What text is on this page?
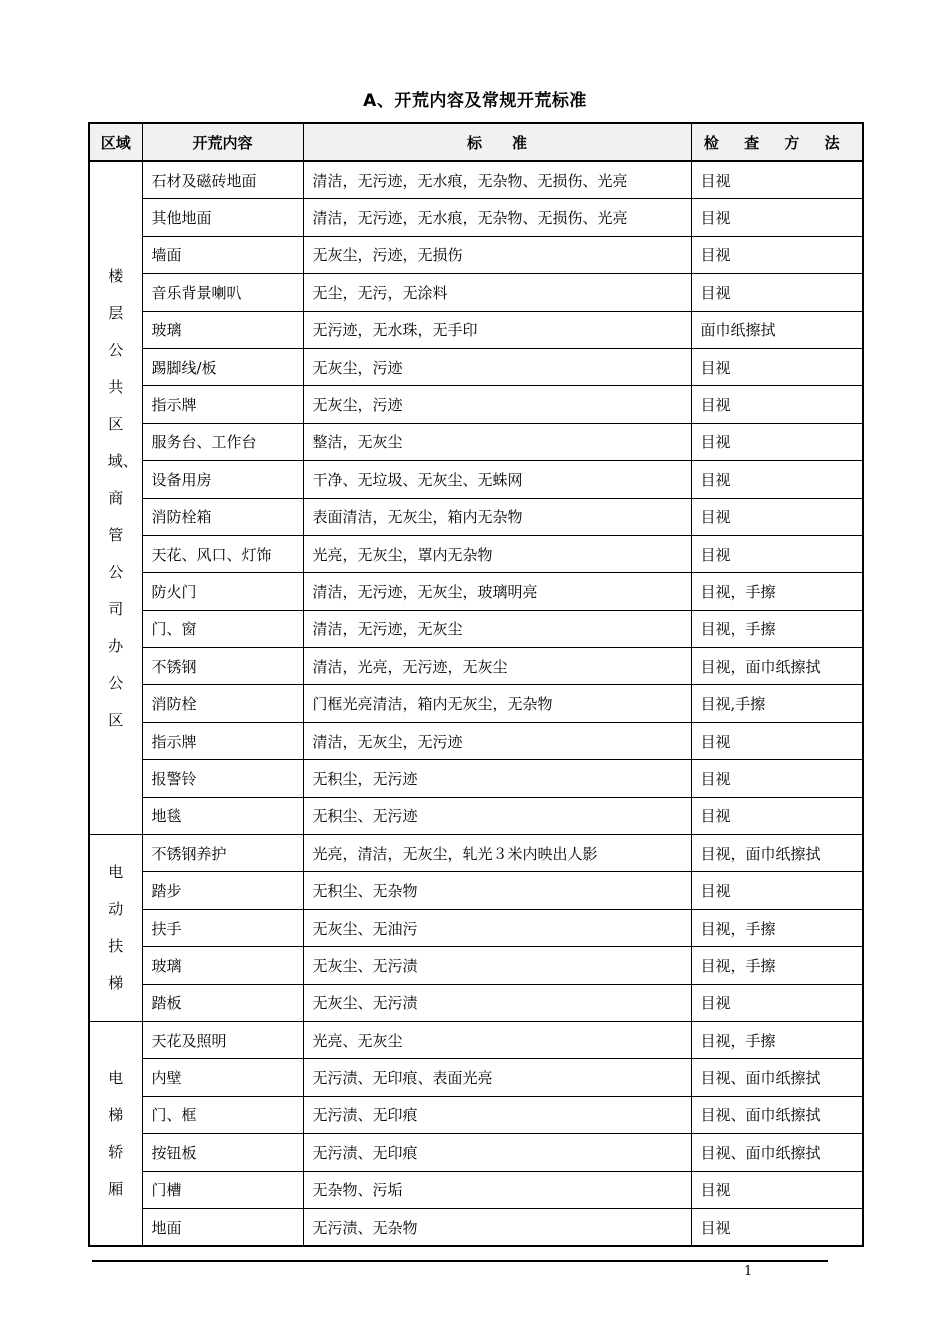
A、开荒内容及常规开荒标准
区域	开荒内容	标　　准	检 查 方 法
楼层公共区域、商管公司办公区	石材及磁砖地面	清洁，无污迹，无水痕，无杂物、无损伤、光亮	目视
	其他地面	清洁，无污迹，无水痕，无杂物、无损伤、光亮	目视
	墙面	无灰尘，污迹，无损伤	目视
	音乐背景喇叭	无尘，无污，无涂料	目视
	玻璃	无污迹，无水珠，无手印	面巾纸擦拭
	踢脚线/板	无灰尘，污迹	目视
	指示牌	无灰尘，污迹	目视
	服务台、工作台	整洁，无灰尘	目视
	设备用房	干净、无垃圾、无灰尘、无蛛网	目视
	消防栓箱	表面清洁，无灰尘，箱内无杂物	目视
	天花、风口、灯饰	光亮，无灰尘，罩内无杂物	目视
	防火门	清洁，无污迹，无灰尘，玻璃明亮	目视，手擦
	门、窗	清洁，无污迹，无灰尘	目视，手擦
	不锈钢	清洁，光亮，无污迹，无灰尘	目视，面巾纸擦拭
	消防栓	门框光亮清洁，箱内无灰尘，无杂物	目视,手擦
	指示牌	清洁，无灰尘，无污迹	目视
	报警铃	无积尘，无污迹	目视
	地毯	无积尘、无污迹	目视
电动扶梯	不锈钢养护	光亮，清洁，无灰尘，轧光３米内映出人影	目视，面巾纸擦拭
	踏步	无积尘、无杂物	目视
	扶手	无灰尘、无油污	目视，手擦
	玻璃	无灰尘、无污渍	目视，手擦
	踏板	无灰尘、无污渍	目视
电梯轿厢	天花及照明	光亮、无灰尘	目视，手擦
	内壁	无污渍、无印痕、表面光亮	目视、面巾纸擦拭
	门、框	无污渍、无印痕	目视、面巾纸擦拭
	按钮板	无污渍、无印痕	目视、面巾纸擦拭
	门槽	无杂物、污垢	目视
	地面	无污渍、无杂物	目视
1
